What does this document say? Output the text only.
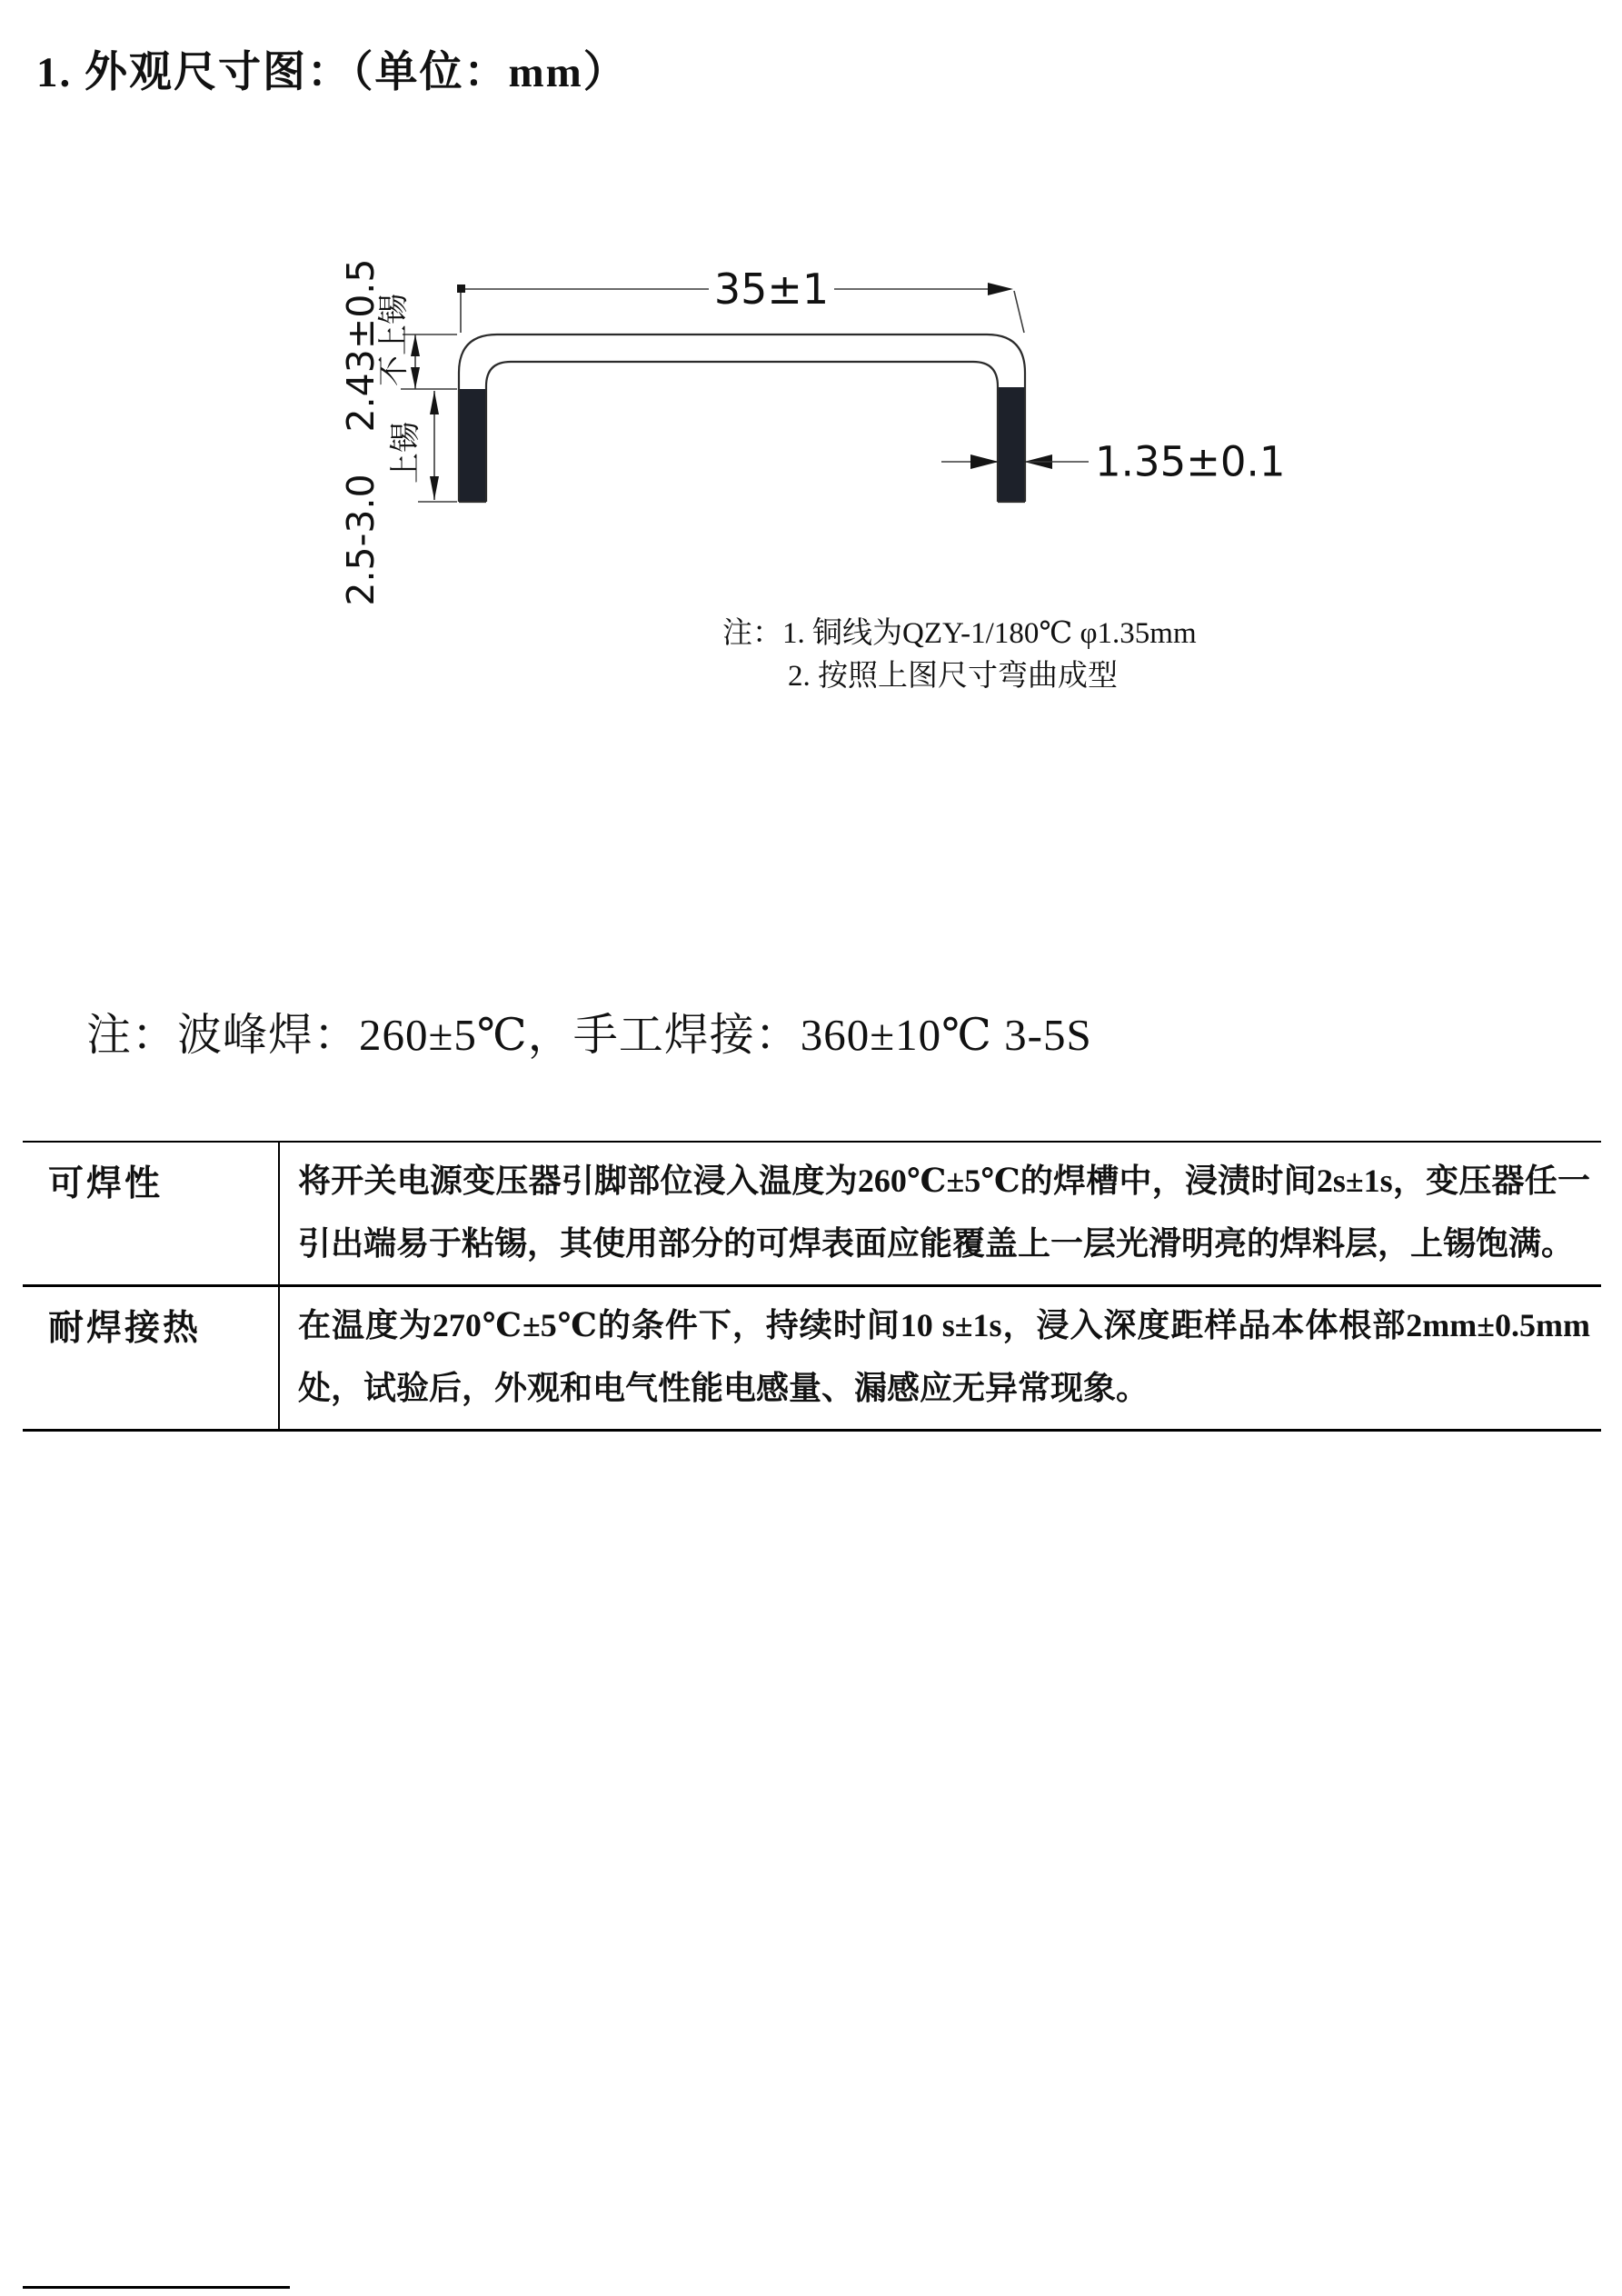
1. 外观尺寸图：（单位：mm）
35±1
2.43±0.5
不上锡
2.5-3.0
上锡	1.35±0.1
注：1. 铜线为QZY-1/180℃ φ1.35mm
2. 按照上图尺寸弯曲成型
注：波峰焊：260±5℃，手工焊接：360±10℃ 3-5S
可焊性	将开关电源变压器引脚部位浸入温度为260℃±5℃的焊槽中，浸渍时间2s±1s，变压器任一引出端易于粘锡，其使用部分的可焊表面应能覆盖上一层光滑明亮的焊料层，上锡饱满。
耐焊接热	在温度为270℃±5℃的条件下，持续时间10 s±1s，浸入深度距样品本体根部2mm±0.5mm处，试验后，外观和电气性能电感量、漏感应无异常现象。
